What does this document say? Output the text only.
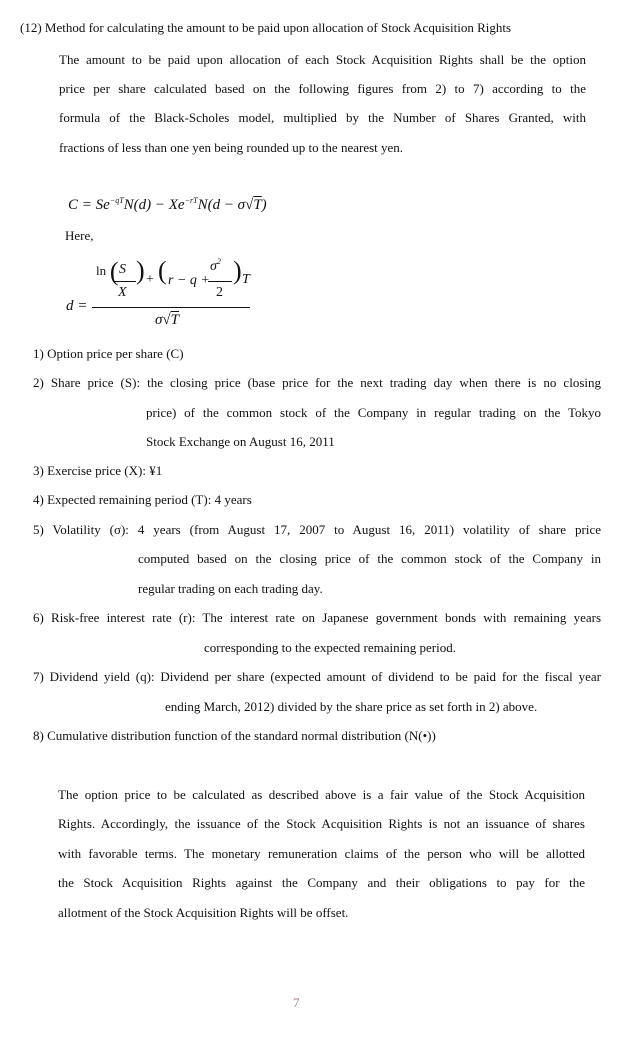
(12) Method for calculating the amount to be paid upon allocation of Stock Acquisition Rights
The amount to be paid upon allocation of each Stock Acquisition Rights shall be the option
price per share calculated based on the following figures from 2) to 7) according to the
formula of the Black-Scholes model, multiplied by the Number of Shares Granted, with
fractions of less than one yen being rounded up to the nearest yen.
$C = Se^{-qT}N(d) - Xe^{-rT}N(d - \sigma√T)$
Here,
d =
ln ( S
X
) + ( r − q +
$\sigma^2$
2
) T
σ√T
1) Option price per share (C)
2) Share price (S): the closing price (base price for the next trading day when there is no closing
price) of the common stock of the Company in regular trading on the Tokyo
Stock Exchange on August 16, 2011
3) Exercise price (X): ¥1
4) Expected remaining period (T): 4 years
5) Volatility (σ): 4 years (from August 17, 2007 to August 16, 2011) volatility of share price
computed based on the closing price of the common stock of the Company in
regular trading on each trading day.
6) Risk-free interest rate (r): The interest rate on Japanese government bonds with remaining years
corresponding to the expected remaining period.
7) Dividend yield (q): Dividend per share (expected amount of dividend to be paid for the fiscal year
ending March, 2012) divided by the share price as set forth in 2) above.
8) Cumulative distribution function of the standard normal distribution (N(•))
The option price to be calculated as described above is a fair value of the Stock Acquisition
Rights. Accordingly, the issuance of the Stock Acquisition Rights is not an issuance of shares
with favorable terms. The monetary remuneration claims of the person who will be allotted
the Stock Acquisition Rights against the Company and their obligations to pay for the
allotment of the Stock Acquisition Rights will be offset.
7
